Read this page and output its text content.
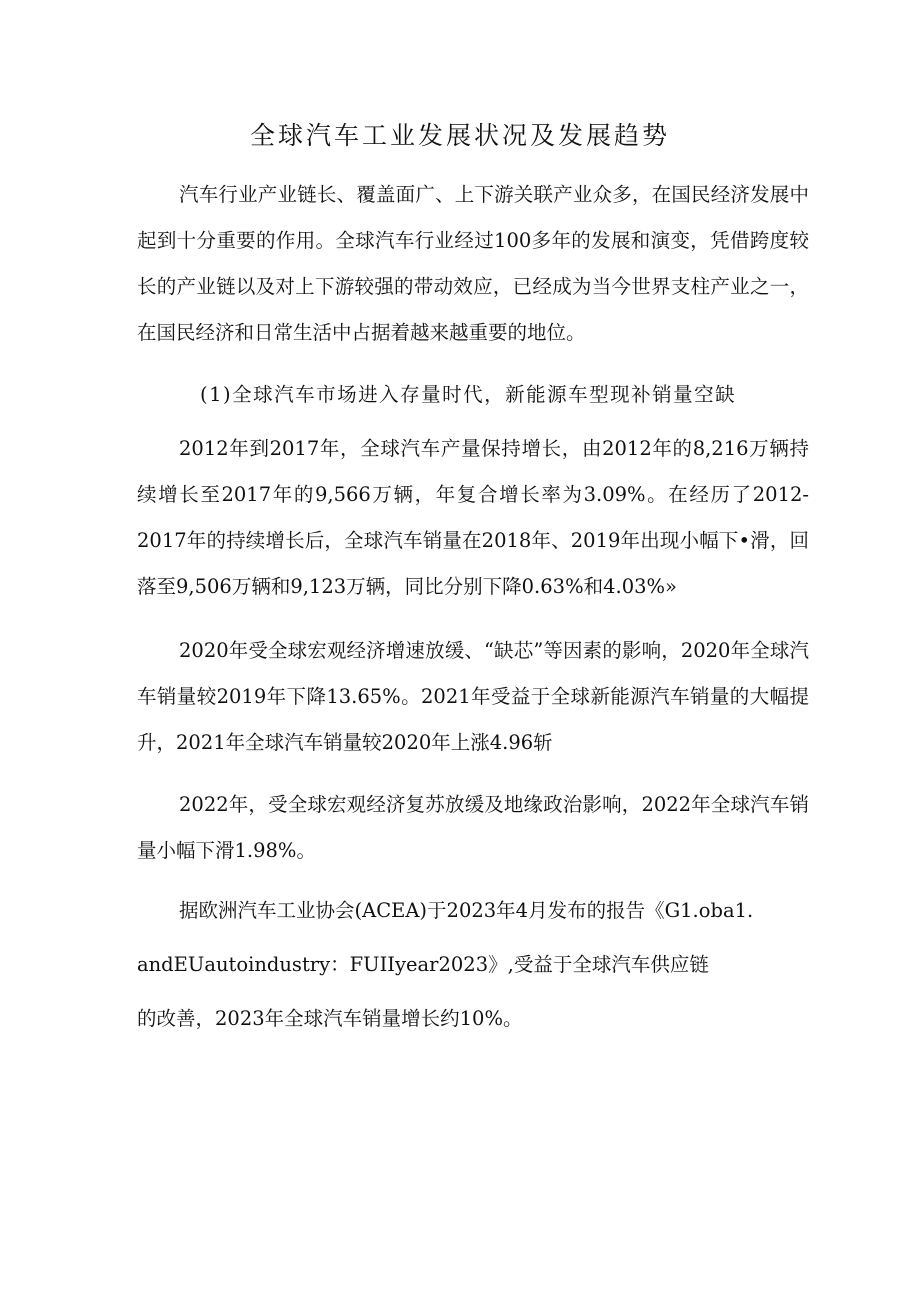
全球汽车工业发展状况及发展趋势

汽车行业产业链长、覆盖面广、上下游关联产业众多，在国民经济发展中起到十分重要的作用。全球汽车行业经过100多年的发展和演变，凭借跨度较长的产业链以及对上下游较强的带动效应，已经成为当今世界支柱产业之一，在国民经济和日常生活中占据着越来越重要的地位。

(1)全球汽车市场进入存量时代，新能源车型现补销量空缺

2012年到2017年，全球汽车产量保持增长，由2012年的8,216万辆持续增长至2017年的9,566万辆，年复合增长率为3.09%。在经历了2012-2017年的持续增长后，全球汽车销量在2018年、2019年出现小幅下•滑，回落至9,506万辆和9,123万辆，同比分别下降0.63%和4.03%»

2020年受全球宏观经济增速放缓、“缺芯”等因素的影响，2020年全球汽车销量较2019年下降13.65%。2021年受益于全球新能源汽车销量的大幅提升，2021年全球汽车销量较2020年上涨4.96斩

2022年，受全球宏观经济复苏放缓及地缘政治影响，2022年全球汽车销量小幅下滑1.98%。

据欧洲汽车工业协会(ACEA)于2023年4月发布的报告《G1.oba1.

andEUautoindustry：FUIIyear2023》,受益于全球汽车供应链

的改善，2023年全球汽车销量增长约10%。
